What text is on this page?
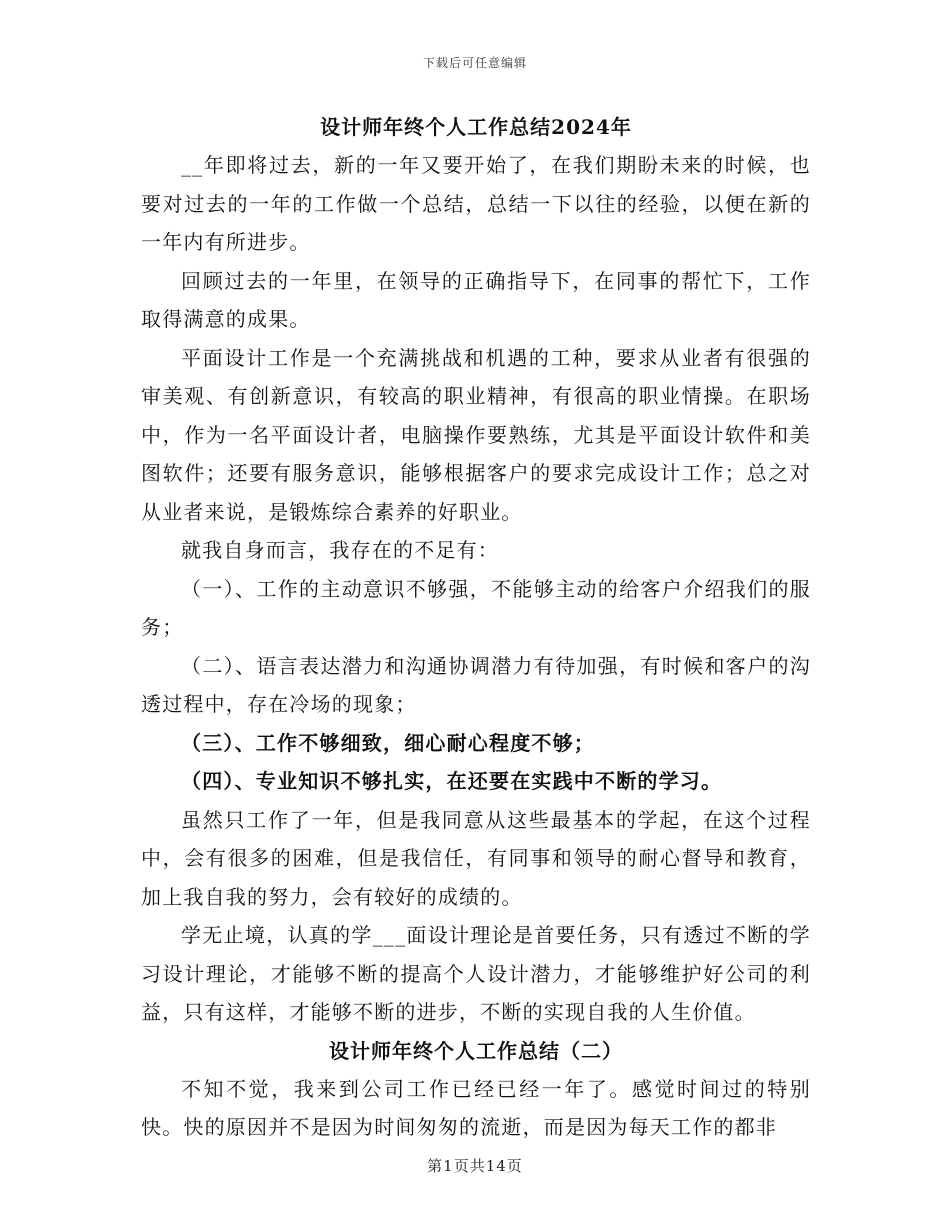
下载后可任意编辑
设计师年终个人工作总结2024年

__年即将过去，新的一年又要开始了，在我们期盼未来的时候，也要对过去的一年的工作做一个总结，总结一下以往的经验，以便在新的一年内有所进步。

回顾过去的一年里，在领导的正确指导下，在同事的帮忙下，工作取得满意的成果。

平面设计工作是一个充满挑战和机遇的工种，要求从业者有很强的审美观、有创新意识，有较高的职业精神，有很高的职业情操。在职场中，作为一名平面设计者，电脑操作要熟练，尤其是平面设计软件和美图软件；还要有服务意识，能够根据客户的要求完成设计工作；总之对从业者来说，是锻炼综合素养的好职业。

就我自身而言，我存在的不足有：

（一）、工作的主动意识不够强，不能够主动的给客户介绍我们的服务；

（二）、语言表达潜力和沟通协调潜力有待加强，有时候和客户的沟透过程中，存在冷场的现象；

（三）、工作不够细致，细心耐心程度不够；

（四）、专业知识不够扎实，在还要在实践中不断的学习。

虽然只工作了一年，但是我同意从这些最基本的学起，在这个过程中，会有很多的困难，但是我信任，有同事和领导的耐心督导和教育，加上我自我的努力，会有较好的成绩的。

学无止境，认真的学___面设计理论是首要任务，只有透过不断的学习设计理论，才能够不断的提高个人设计潜力，才能够维护好公司的利益，只有这样，才能够不断的进步，不断的实现自我的人生价值。

设计师年终个人工作总结（二）

不知不觉，我来到公司工作已经已经一年了。感觉时间过的特别快。快的原因并不是因为时间匆匆的流逝，而是因为每天工作的都非

第1页共14页
